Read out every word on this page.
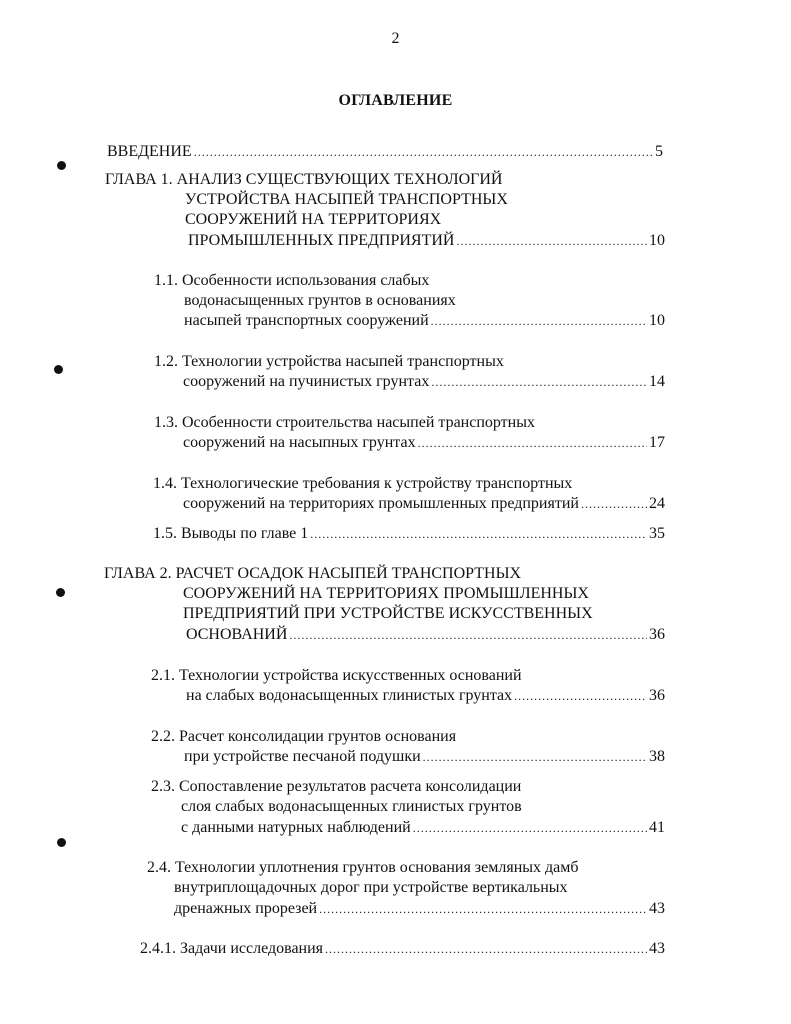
2
ОГЛАВЛЕНИЕ
ВВЕДЕНИЕ .....	5
ГЛАВА 1. АНАЛИЗ СУЩЕСТВУЮЩИХ ТЕХНОЛОГИЙ
УСТРОЙСТВА НАСЫПЕЙ ТРАНСПОРТНЫХ
СООРУЖЕНИЙ НА ТЕРРИТОРИЯХ
ПРОМЫШЛЕННЫХ ПРЕДПРИЯТИЙ .....	10
1.1. Особенности использования слабых
водонасыщенных грунтов в основаниях
насыпей транспортных сооружений .....	10
1.2. Технологии устройства насыпей транспортных
сооружений на пучинистых грунтах .....	14
1.3. Особенности строительства насыпей транспортных
сооружений на насыпных грунтах .....	17
1.4. Технологические требования к устройству транспортных
сооружений на территориях промышленных предприятий .....	24
1.5. Выводы по главе 1 .....	35
ГЛАВА 2. РАСЧЕТ ОСАДОК НАСЫПЕЙ ТРАНСПОРТНЫХ
СООРУЖЕНИЙ НА ТЕРРИТОРИЯХ ПРОМЫШЛЕННЫХ
ПРЕДПРИЯТИЙ ПРИ УСТРОЙСТВЕ ИСКУССТВЕННЫХ
ОСНОВАНИЙ .....	36
2.1. Технологии устройства искусственных оснований
на слабых водонасыщенных глинистых грунтах .....	36
2.2. Расчет консолидации грунтов основания
при устройстве песчаной подушки .....	38
2.3. Сопоставление результатов расчета консолидации
слоя слабых водонасыщенных глинистых грунтов
с данными натурных наблюдений .....	41
2.4. Технологии уплотнения грунтов основания земляных дамб
внутриплощадочных дорог при устройстве вертикальных
дренажных прорезей .....	43
2.4.1. Задачи исследования .....	43
